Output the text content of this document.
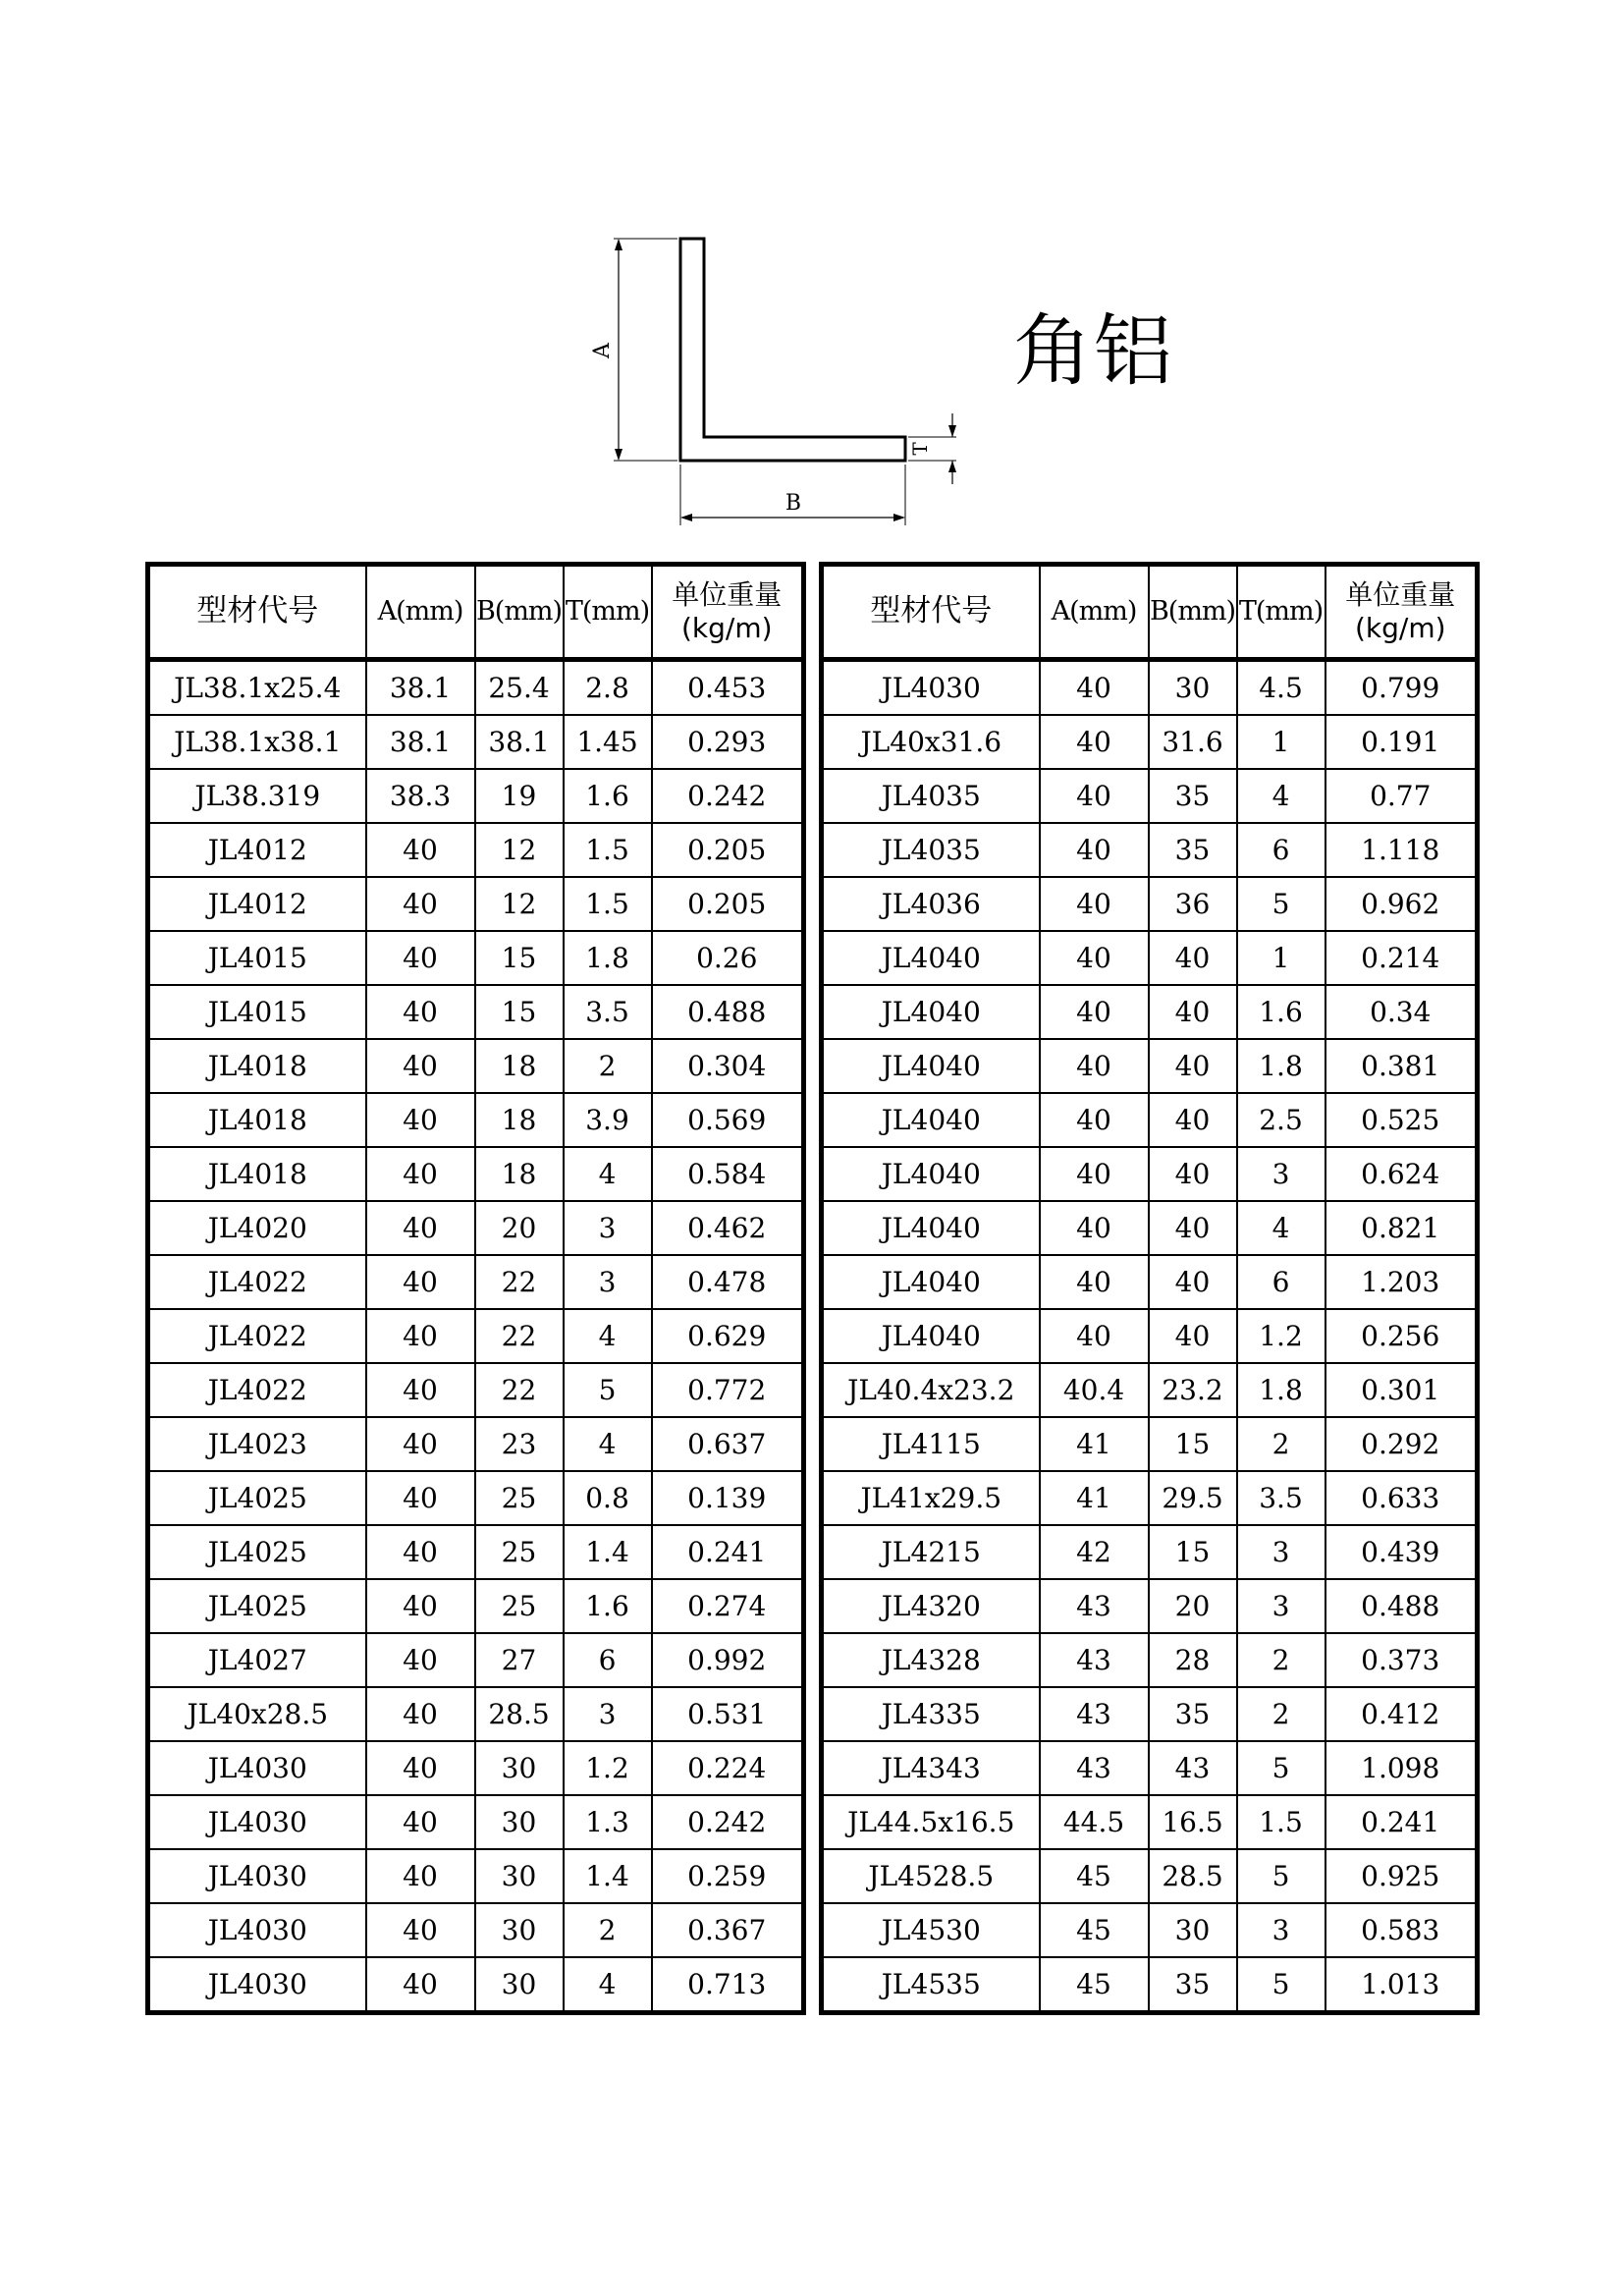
A
B
T
角铝
型材代号	A(mm)	B(mm)	T(mm)	单位重量
(kg/m)

JL38.1x25.4	38.1	25.4	2.8	0.453
JL38.1x38.1	38.1	38.1	1.45	0.293
JL38.319	38.3	19	1.6	0.242
JL4012	40	12	1.5	0.205
JL4012	40	12	1.5	0.205
JL4015	40	15	1.8	0.26
JL4015	40	15	3.5	0.488
JL4018	40	18	2	0.304
JL4018	40	18	3.9	0.569
JL4018	40	18	4	0.584
JL4020	40	20	3	0.462
JL4022	40	22	3	0.478
JL4022	40	22	4	0.629
JL4022	40	22	5	0.772
JL4023	40	23	4	0.637
JL4025	40	25	0.8	0.139
JL4025	40	25	1.4	0.241
JL4025	40	25	1.6	0.274
JL4027	40	27	6	0.992
JL40x28.5	40	28.5	3	0.531
JL4030	40	30	1.2	0.224
JL4030	40	30	1.3	0.242
JL4030	40	30	1.4	0.259
JL4030	40	30	2	0.367
JL4030	40	30	4	0.713
型材代号	A(mm)	B(mm)	T(mm)	单位重量
(kg/m)

JL4030	40	30	4.5	0.799
JL40x31.6	40	31.6	1	0.191
JL4035	40	35	4	0.77
JL4035	40	35	6	1.118
JL4036	40	36	5	0.962
JL4040	40	40	1	0.214
JL4040	40	40	1.6	0.34
JL4040	40	40	1.8	0.381
JL4040	40	40	2.5	0.525
JL4040	40	40	3	0.624
JL4040	40	40	4	0.821
JL4040	40	40	6	1.203
JL4040	40	40	1.2	0.256
JL40.4x23.2	40.4	23.2	1.8	0.301
JL4115	41	15	2	0.292
JL41x29.5	41	29.5	3.5	0.633
JL4215	42	15	3	0.439
JL4320	43	20	3	0.488
JL4328	43	28	2	0.373
JL4335	43	35	2	0.412
JL4343	43	43	5	1.098
JL44.5x16.5	44.5	16.5	1.5	0.241
JL4528.5	45	28.5	5	0.925
JL4530	45	30	3	0.583
JL4535	45	35	5	1.013
